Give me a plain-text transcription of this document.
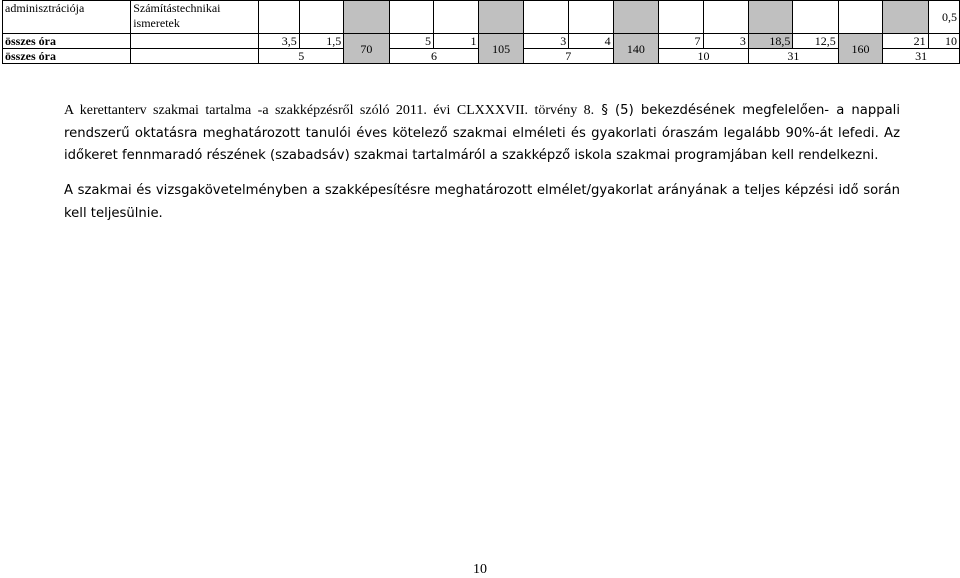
adminisztrációja	Számítástechnikai ismeretek																0,5
összes óra		3,5	1,5	70	5	1	105	3	4	140	7	3	18,5	12,5	160	21	10
összes óra		5			6			7			10		31			31	
A kerettanterv szakmai tartalma -a szakképzésről szóló 2011. évi CLXXXVII. törvény 8. § (5) bekezdésének megfelelően- a nappali rendszerű oktatásra meghatározott tanulói éves kötelező szakmai elméleti és gyakorlati óraszám legalább 90%-át lefedi. Az időkeret fennmaradó részének (szabadsáv) szakmai tartalmáról a szakképző iskola szakmai programjában kell rendelkezni.
A szakmai és vizsgakövetelményben a szakképesítésre meghatározott elmélet/gyakorlat arányának a teljes képzési idő során kell teljesülnie.
10
